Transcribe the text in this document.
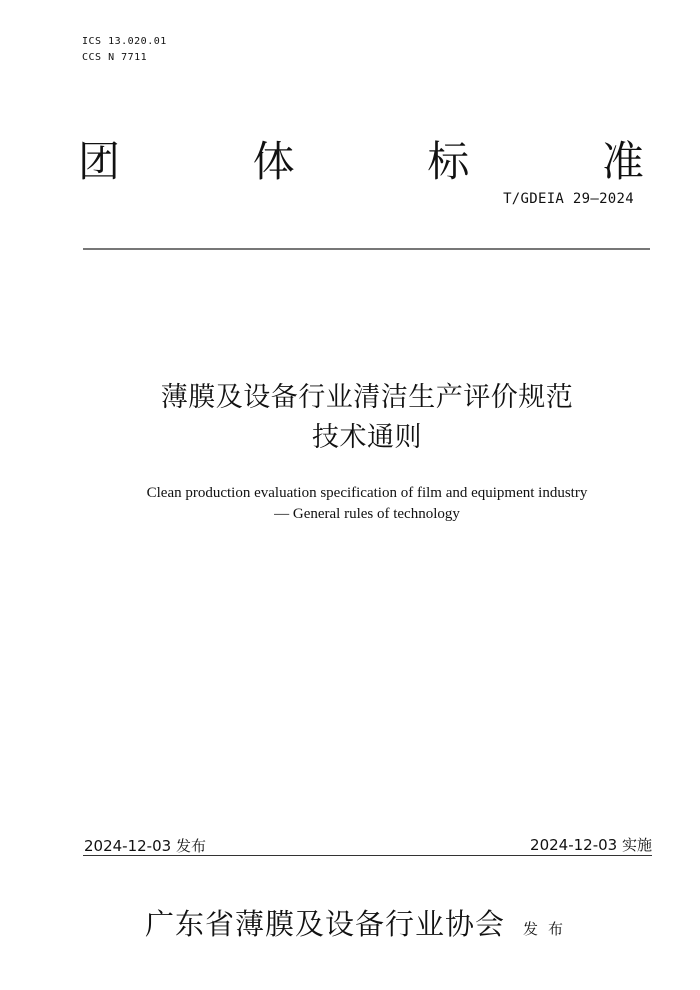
ICS 13.020.01
CCS N 7711
团	体	标	准
T/GDEIA 29—2024
薄膜及设备行业清洁生产评价规范
技术通则
Clean production evaluation specification of film and equipment industry
— General rules of technology
2024-12-03 发布	2024-12-03 实施
广东省薄膜及设备行业协会 发布
